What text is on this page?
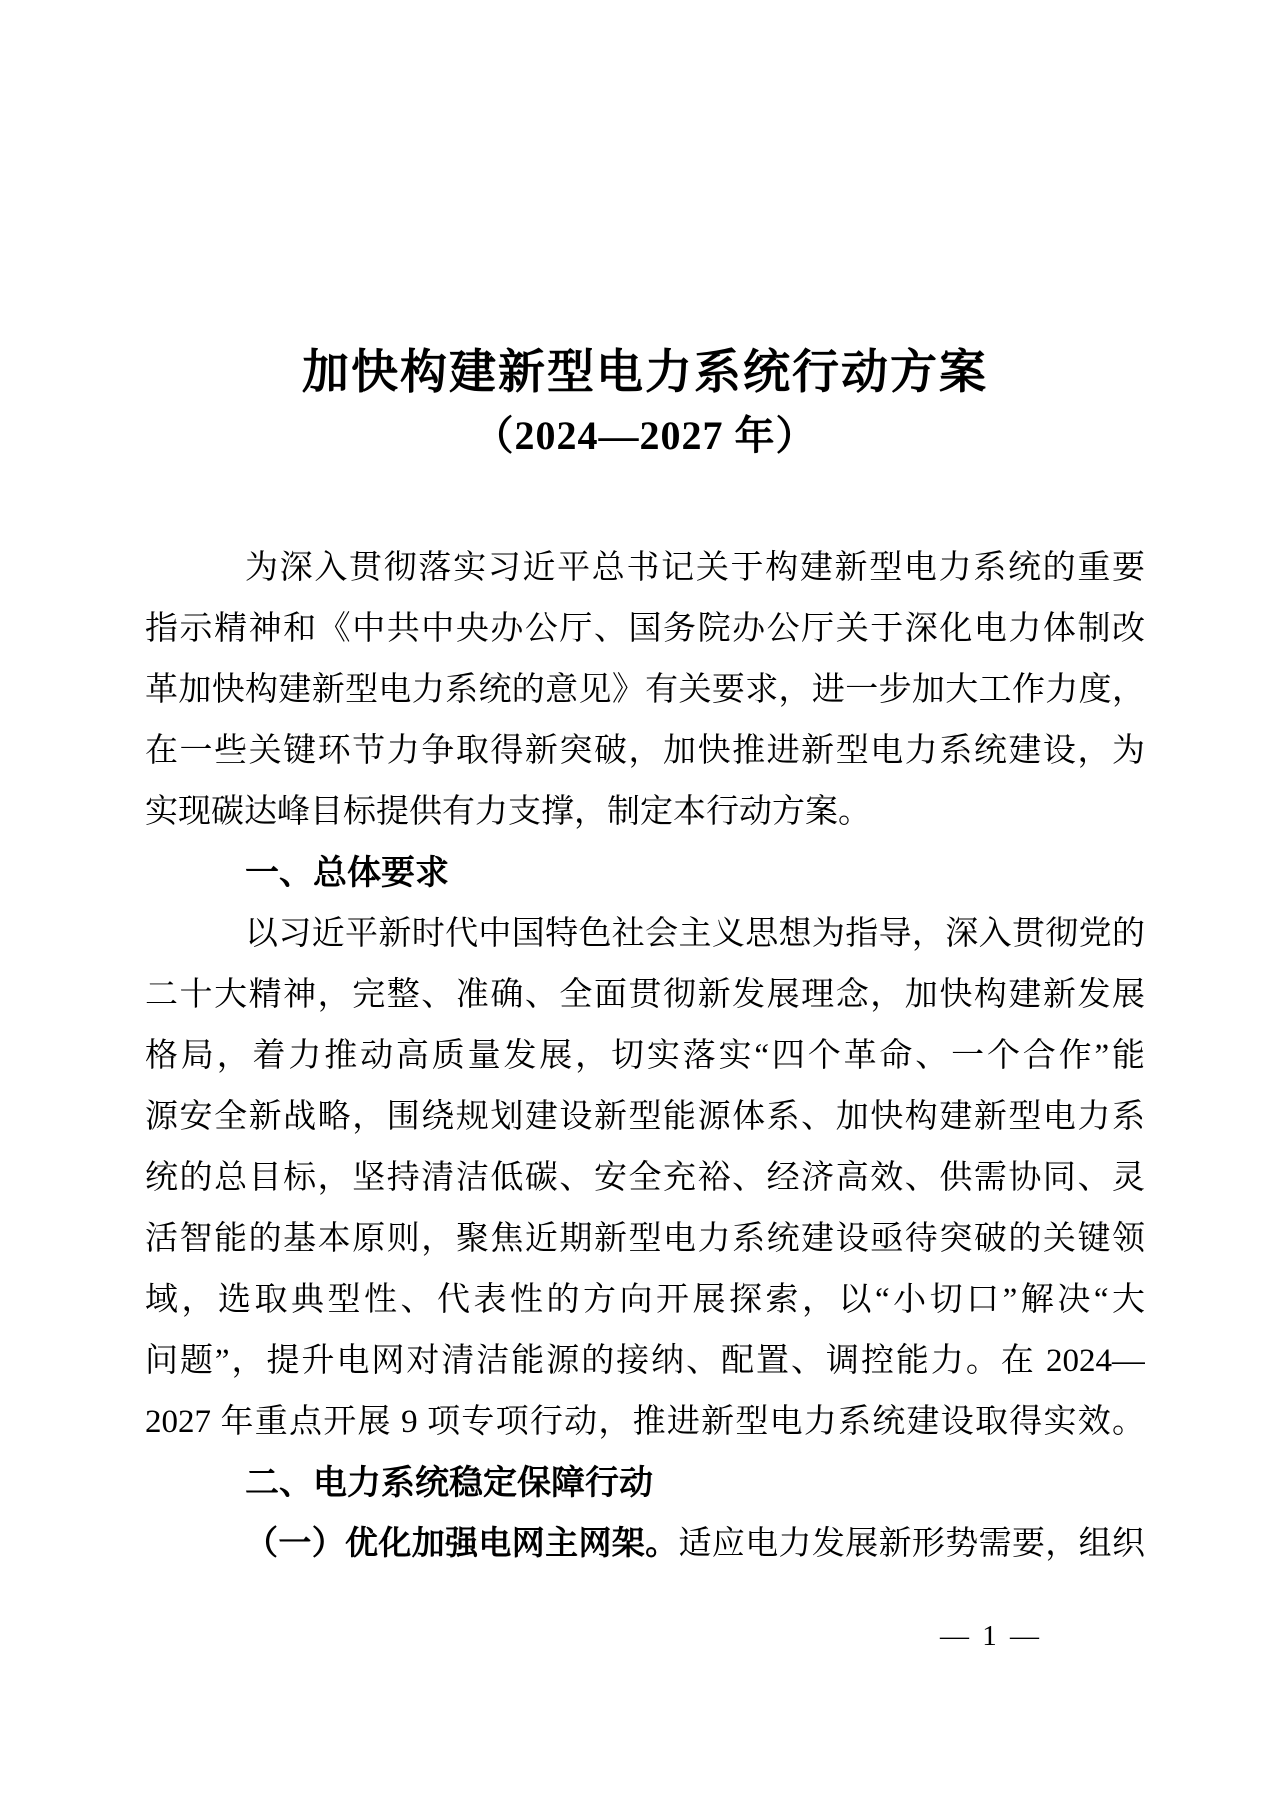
加快构建新型电力系统行动方案
（2024—2027 年）
为深入贯彻落实习近平总书记关于构建新型电力系统的重要
指示精神和《中共中央办公厅、国务院办公厅关于深化电力体制改
革加快构建新型电力系统的意见》有关要求，进一步加大工作力度，
在一些关键环节力争取得新突破，加快推进新型电力系统建设，为
实现碳达峰目标提供有力支撑，制定本行动方案。
一、总体要求
以习近平新时代中国特色社会主义思想为指导，深入贯彻党的
二十大精神，完整、准确、全面贯彻新发展理念，加快构建新发展
格局，着力推动高质量发展，切实落实“四个革命、一个合作”能
源安全新战略，围绕规划建设新型能源体系、加快构建新型电力系
统的总目标，坚持清洁低碳、安全充裕、经济高效、供需协同、灵
活智能的基本原则，聚焦近期新型电力系统建设亟待突破的关键领
域，选取典型性、代表性的方向开展探索，以“小切口”解决“大
问题”，提升电网对清洁能源的接纳、配置、调控能力。在 2024—
2027 年重点开展 9 项专项行动，推进新型电力系统建设取得实效。
二、电力系统稳定保障行动
（一）优化加强电网主网架。适应电力发展新形势需要，组织
— 1 —
